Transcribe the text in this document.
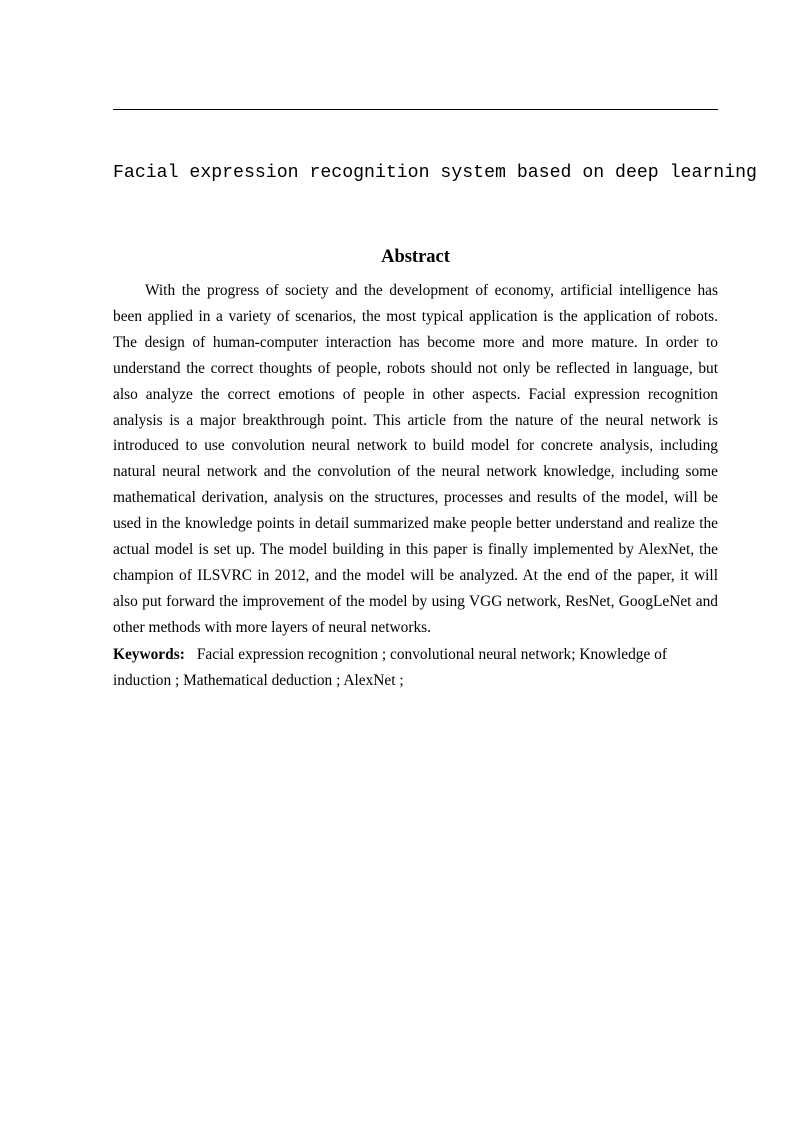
Facial expression recognition system based on deep learning
Abstract

With the progress of society and the development of economy, artificial intelligence has been applied in a variety of scenarios, the most typical application is the application of robots. The design of human-computer interaction has become more and more mature. In order to understand the correct thoughts of people, robots should not only be reflected in language, but also analyze the correct emotions of people in other aspects. Facial expression recognition analysis is a major breakthrough point. This article from the nature of the neural network is introduced to use convolution neural network to build model for concrete analysis, including natural neural network and the convolution of the neural network knowledge, including some mathematical derivation, analysis on the structures, processes and results of the model, will be used in the knowledge points in detail summarized make people better understand and realize the actual model is set up. The model building in this paper is finally implemented by AlexNet, the champion of ILSVRC in 2012, and the model will be analyzed. At the end of the paper, it will also put forward the improvement of the model by using VGG network, ResNet, GoogLeNet and other methods with more layers of neural networks.

Keywords: Facial expression recognition ; convolutional neural network; Knowledge of induction ; Mathematical deduction ; AlexNet ;
